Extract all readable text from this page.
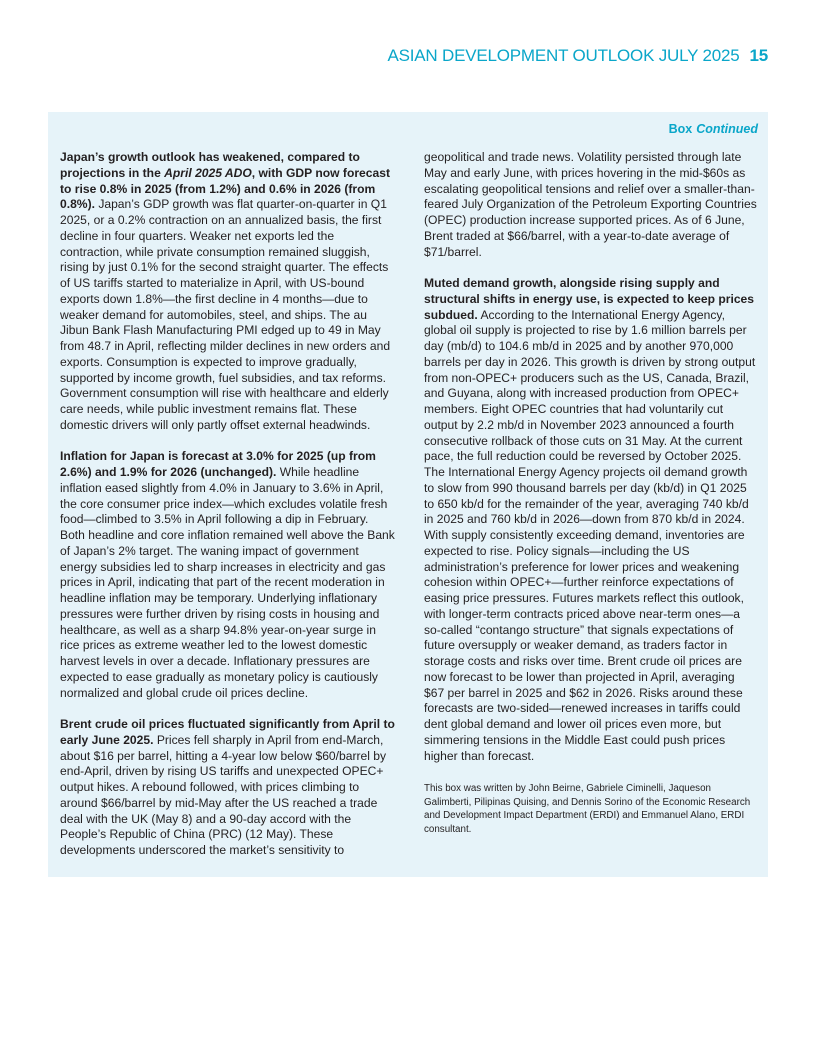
ASIAN DEVELOPMENT OUTLOOK JULY 2025 15
Box Continued

Japan’s growth outlook has weakened, compared to projections in the April 2025 ADO, with GDP now forecast to rise 0.8% in 2025 (from 1.2%) and 0.6% in 2026 (from 0.8%). Japan’s GDP growth was flat quarter-on-quarter in Q1 2025, or a 0.2% contraction on an annualized basis, the first decline in four quarters. Weaker net exports led the contraction, while private consumption remained sluggish, rising by just 0.1% for the second straight quarter. The effects of US tariffs started to materialize in April, with US-bound exports down 1.8%—the first decline in 4 months—due to weaker demand for automobiles, steel, and ships. The au Jibun Bank Flash Manufacturing PMI edged up to 49 in May from 48.7 in April, reflecting milder declines in new orders and exports. Consumption is expected to improve gradually, supported by income growth, fuel subsidies, and tax reforms. Government consumption will rise with healthcare and elderly care needs, while public investment remains flat. These domestic drivers will only partly offset external headwinds.

Inflation for Japan is forecast at 3.0% for 2025 (up from 2.6%) and 1.9% for 2026 (unchanged). While headline inflation eased slightly from 4.0% in January to 3.6% in April, the core consumer price index—which excludes volatile fresh food—climbed to 3.5% in April following a dip in February. Both headline and core inflation remained well above the Bank of Japan’s 2% target. The waning impact of government energy subsidies led to sharp increases in electricity and gas prices in April, indicating that part of the recent moderation in headline inflation may be temporary. Underlying inflationary pressures were further driven by rising costs in housing and healthcare, as well as a sharp 94.8% year-on-year surge in rice prices as extreme weather led to the lowest domestic harvest levels in over a decade. Inflationary pressures are expected to ease gradually as monetary policy is cautiously normalized and global crude oil prices decline.

Brent crude oil prices fluctuated significantly from April to early June 2025. Prices fell sharply in April from end-March, about $16 per barrel, hitting a 4-year low below $60/barrel by end-April, driven by rising US tariffs and unexpected OPEC+ output hikes. A rebound followed, with prices climbing to around $66/barrel by mid-May after the US reached a trade deal with the UK (May 8) and a 90-day accord with the People’s Republic of China (PRC) (12 May). These developments underscored the market’s sensitivity to

geopolitical and trade news. Volatility persisted through late May and early June, with prices hovering in the mid-$60s as escalating geopolitical tensions and relief over a smaller-than-feared July Organization of the Petroleum Exporting Countries (OPEC) production increase supported prices. As of 6 June, Brent traded at $66/barrel, with a year-to-date average of $71/barrel.

Muted demand growth, alongside rising supply and structural shifts in energy use, is expected to keep prices subdued. According to the International Energy Agency, global oil supply is projected to rise by 1.6 million barrels per day (mb/d) to 104.6 mb/d in 2025 and by another 970,000 barrels per day in 2026. This growth is driven by strong output from non-OPEC+ producers such as the US, Canada, Brazil, and Guyana, along with increased production from OPEC+ members. Eight OPEC countries that had voluntarily cut output by 2.2 mb/d in November 2023 announced a fourth consecutive rollback of those cuts on 31 May. At the current pace, the full reduction could be reversed by October 2025. The International Energy Agency projects oil demand growth to slow from 990 thousand barrels per day (kb/d) in Q1 2025 to 650 kb/d for the remainder of the year, averaging 740 kb/d in 2025 and 760 kb/d in 2026—down from 870 kb/d in 2024. With supply consistently exceeding demand, inventories are expected to rise. Policy signals—including the US administration’s preference for lower prices and weakening cohesion within OPEC+—further reinforce expectations of easing price pressures. Futures markets reflect this outlook, with longer-term contracts priced above near-term ones—a so-called “contango structure” that signals expectations of future oversupply or weaker demand, as traders factor in storage costs and risks over time. Brent crude oil prices are now forecast to be lower than projected in April, averaging $67 per barrel in 2025 and $62 in 2026. Risks around these forecasts are two-sided—renewed increases in tariffs could dent global demand and lower oil prices even more, but simmering tensions in the Middle East could push prices higher than forecast.

This box was written by John Beirne, Gabriele Ciminelli, Jaqueson Galimberti, Pilipinas Quising, and Dennis Sorino of the Economic Research and Development Impact Department (ERDI) and Emmanuel Alano, ERDI consultant.
